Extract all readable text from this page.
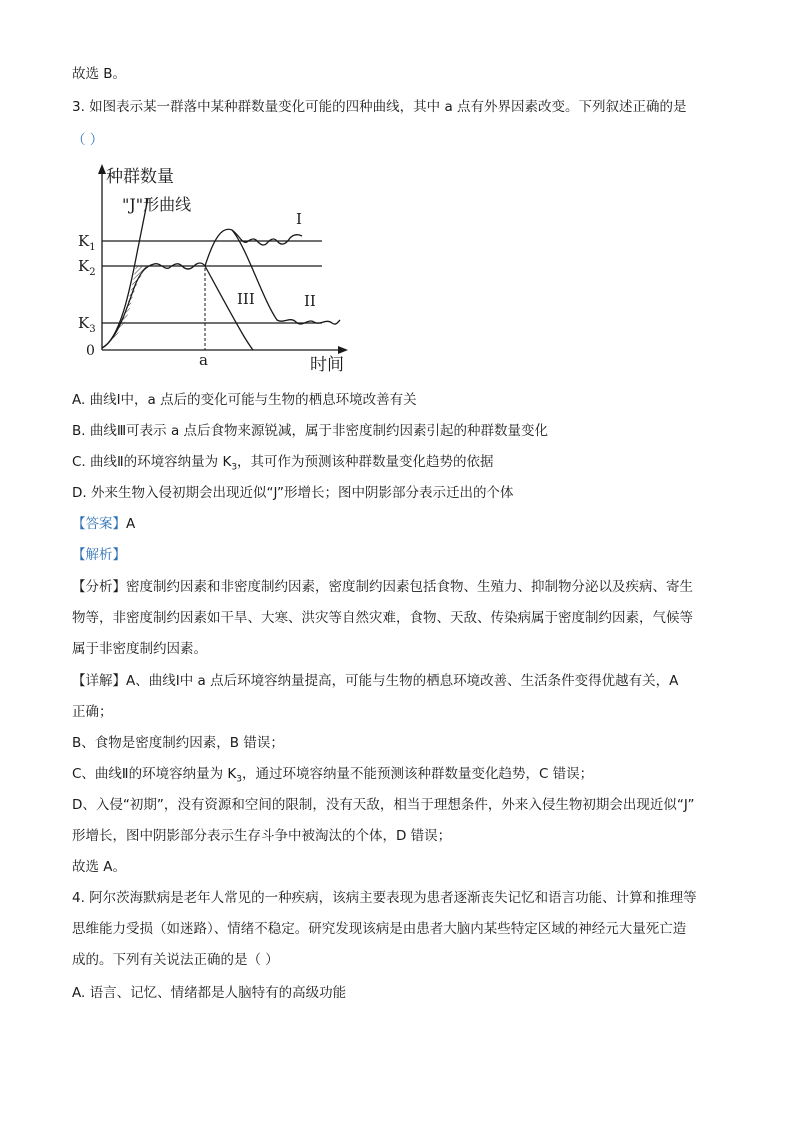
故选 B。
3. 如图表示某一群落中某种群数量变化可能的四种曲线，其中 a 点有外界因素改变。下列叙述正确的是
（ ）
种群数量
时间
0
"J"形曲线
$K_1$
$K_2$
$K_3$
a
I
II
III
A. 曲线Ⅰ中，a 点后的变化可能与生物的栖息环境改善有关
B. 曲线Ⅲ可表示 a 点后食物来源锐减，属于非密度制约因素引起的种群数量变化
C. 曲线Ⅱ的环境容纳量为 $K_3$，其可作为预测该种群数量变化趋势的依据
D. 外来生物入侵初期会出现近似“J”形增长；图中阴影部分表示迁出的个体
【答案】A
【解析】
【分析】密度制约因素和非密度制约因素，密度制约因素包括食物、生殖力、抑制物分泌以及疾病、寄生
物等，非密度制约因素如干旱、大寒、洪灾等自然灾难，食物、天敌、传染病属于密度制约因素，气候等
属于非密度制约因素。
【详解】A、曲线Ⅰ中 a 点后环境容纳量提高，可能与生物的栖息环境改善、生活条件变得优越有关，A
正确；
B、食物是密度制约因素，B 错误；
C、曲线Ⅱ的环境容纳量为 $K_3$，通过环境容纳量不能预测该种群数量变化趋势，C 错误；
D、入侵“初期”，没有资源和空间的限制，没有天敌，相当于理想条件，外来入侵生物初期会出现近似“J”
形增长，图中阴影部分表示生存斗争中被淘汰的个体，D 错误；
故选 A。
4. 阿尔茨海默病是老年人常见的一种疾病，该病主要表现为患者逐渐丧失记忆和语言功能、计算和推理等
思维能力受损（如迷路）、情绪不稳定。研究发现该病是由患者大脑内某些特定区域的神经元大量死亡造
成的。下列有关说法正确的是（ ）
A. 语言、记忆、情绪都是人脑特有的高级功能
